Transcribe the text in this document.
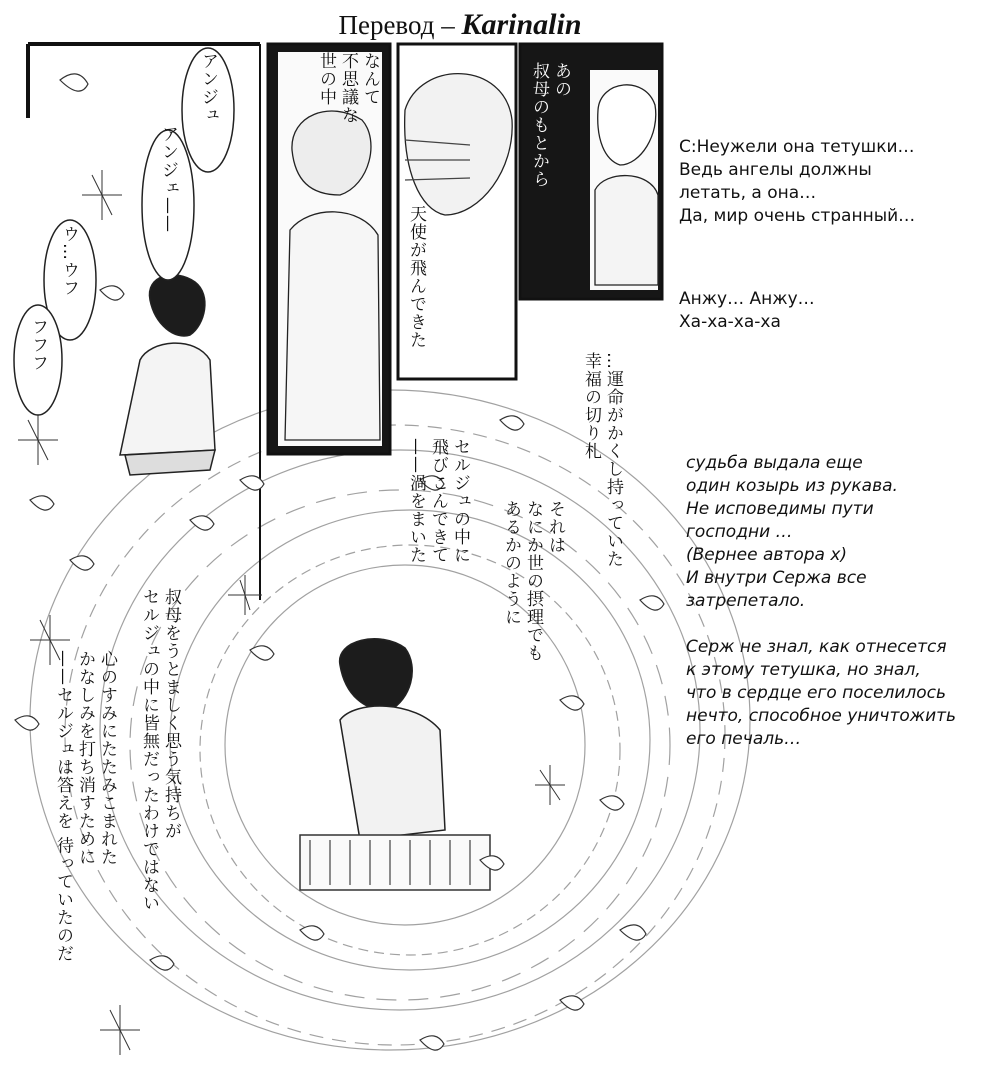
Перевод – Karinalin
アンジュ
アンジェ——
ウ…ウフ
フフフ
なんて
不思議な
世の中
天使が飛んできた
あの
叔母のもとから
…運命がかくし持っていた
幸福の切り札
それは
なにか世の摂理でも
あるかのように
セルジュの中に
飛びこんできて
——渦をまいた
叔母をうとましく思う気持ちが
セルジュの中に皆無だったわけではない
心のすみにたたみこまれた
かなしみを打ち消すために
——セルジュは答えを 待っていたのだ
С:Неужели она тетушки…
Ведь ангелы должны
летать, а она…
Да, мир очень странный…
Анжу… Анжу…
Ха-ха-ха-ха
судьба выдала еще
один козырь из рукава.
Не исповедимы пути
господни …
(Вернее автора х)
И внутри Сержа все
затрепетало.
Серж не знал, как отнесется
к этому тетушка, но знал,
что в сердце его поселилось
нечто, способное уничтожить
его печаль…
